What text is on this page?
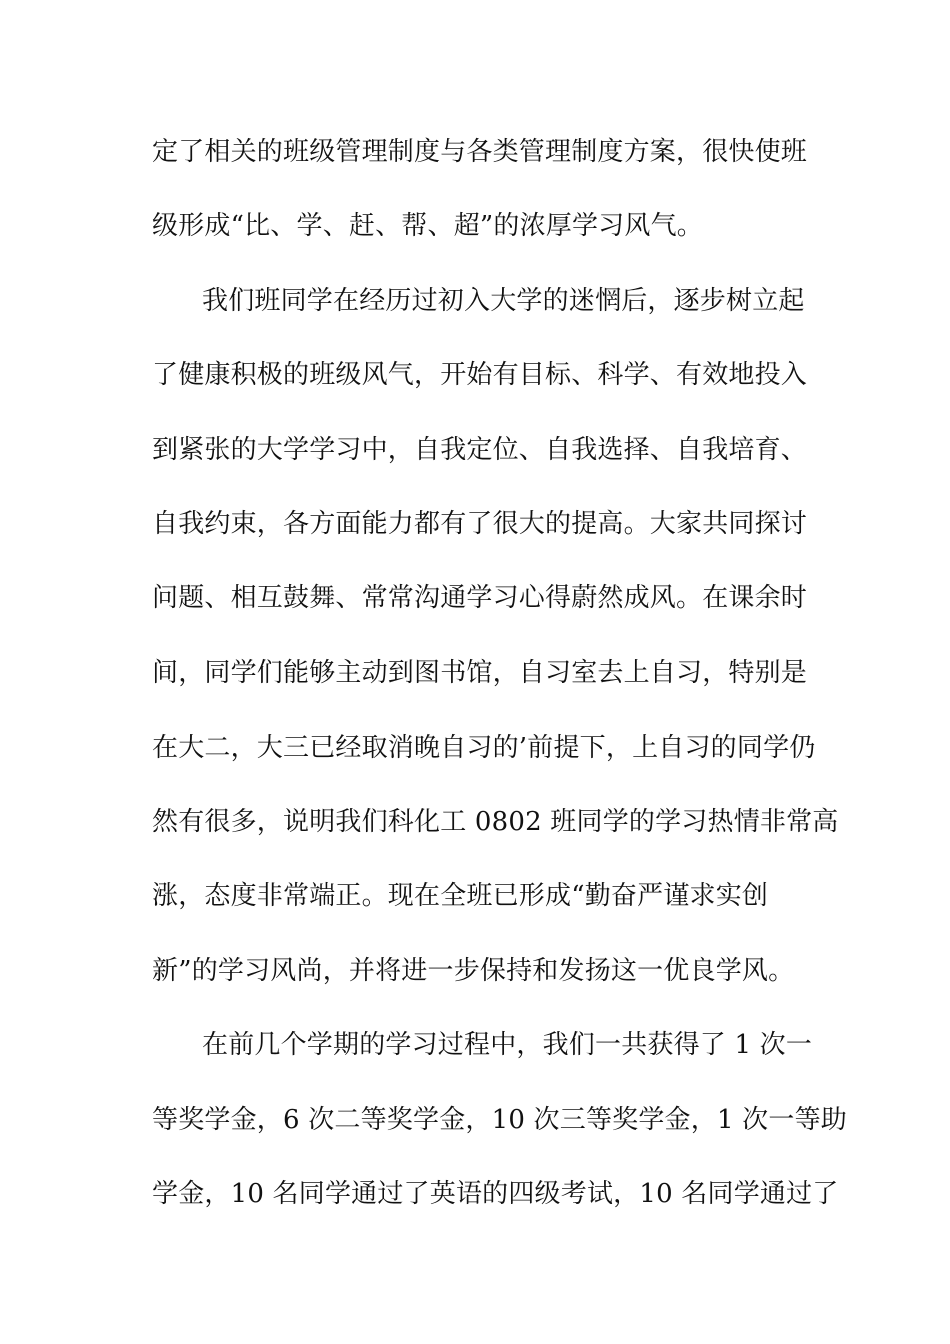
定了相关的班级管理制度与各类管理制度方案，很快使班
级形成“比、学、赶、帮、超”的浓厚学习风气。
我们班同学在经历过初入大学的迷惘后，逐步树立起
了健康积极的班级风气，开始有目标、科学、有效地投入
到紧张的大学学习中，自我定位、自我选择、自我培育、
自我约束，各方面能力都有了很大的提高。大家共同探讨
问题、相互鼓舞、常常沟通学习心得蔚然成风。在课余时
间，同学们能够主动到图书馆，自习室去上自习，特别是
在大二，大三已经取消晚自习的’前提下，上自习的同学仍
然有很多，说明我们科化工 0802 班同学的学习热情非常高
涨，态度非常端正。现在全班已形成“勤奋严谨求实创
新”的学习风尚，并将进一步保持和发扬这一优良学风。
在前几个学期的学习过程中，我们一共获得了 1 次一
等奖学金，6 次二等奖学金，10 次三等奖学金，1 次一等助
学金，10 名同学通过了英语的四级考试，10 名同学通过了
